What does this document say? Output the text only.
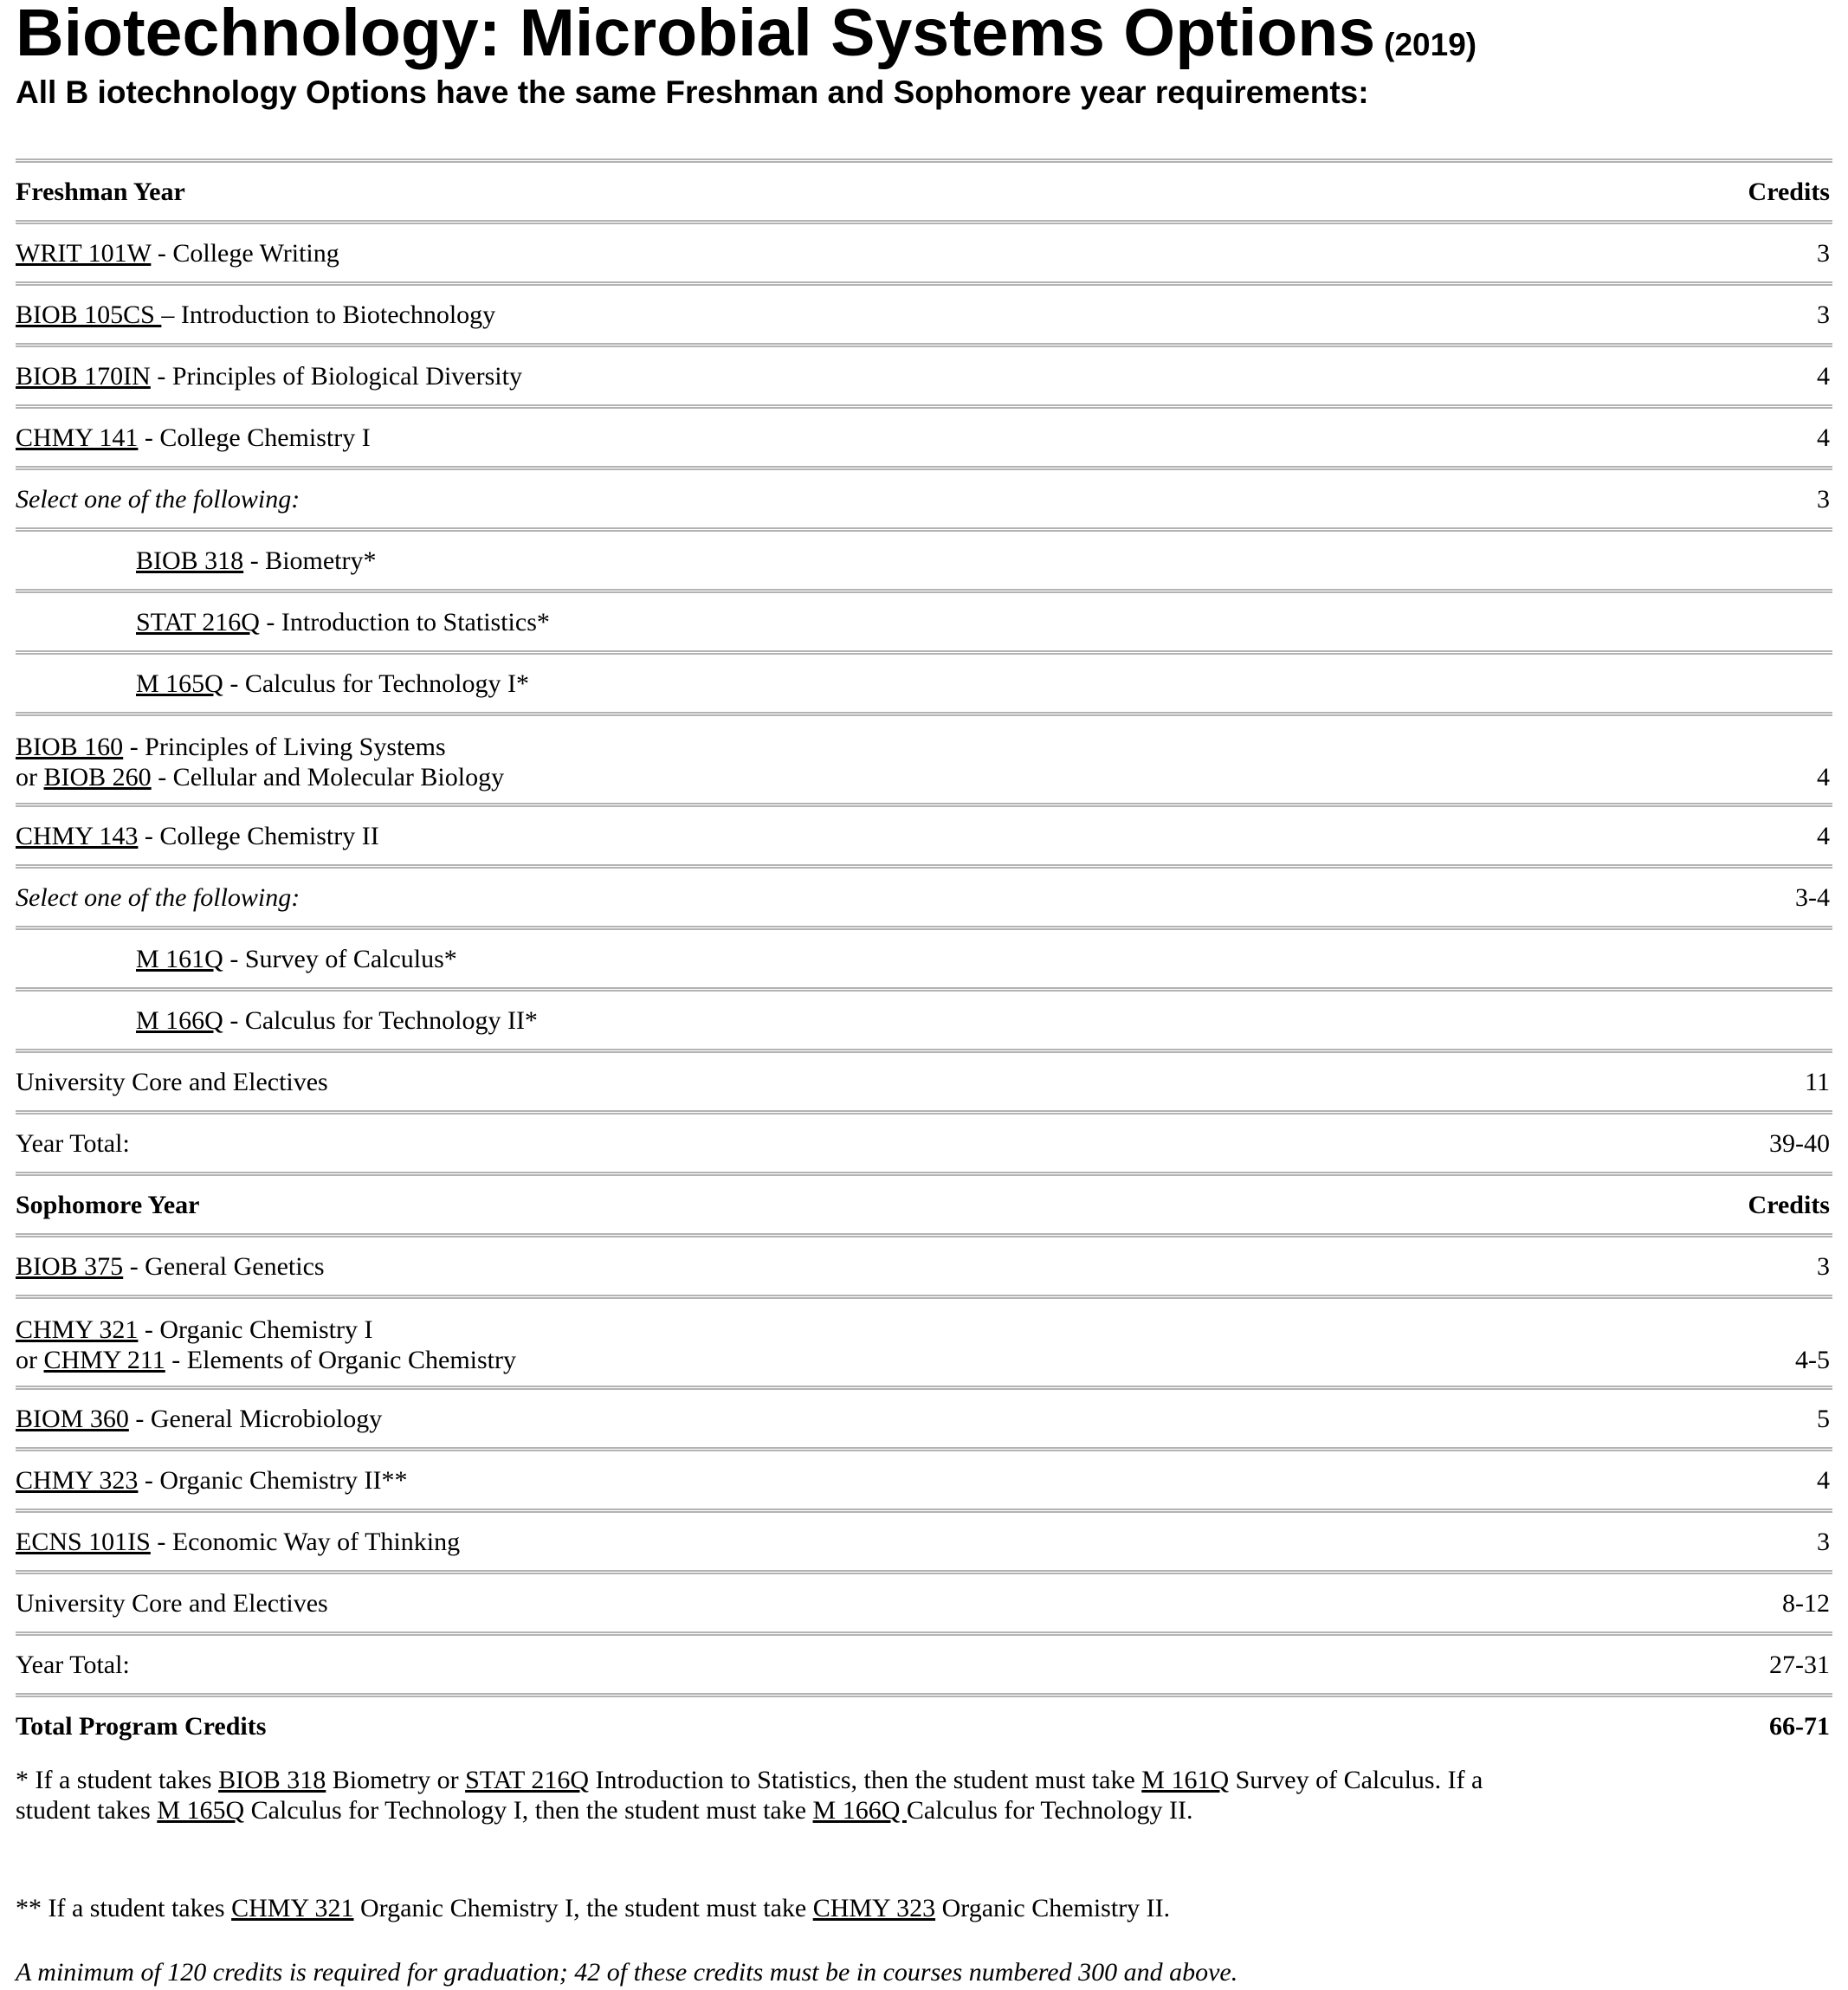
Biotechnology: Microbial Systems Options (2019)
All B iotechnology Options have the same Freshman and Sophomore year requirements:
Freshman Year	Credits
WRIT 101W - College Writing	3
BIOB 105CS – Introduction to Biotechnology	3
BIOB 170IN - Principles of Biological Diversity	4
CHMY 141 - College Chemistry I	4
Select one of the following:	3
BIOB 318 - Biometry*
STAT 216Q - Introduction to Statistics*
M 165Q - Calculus for Technology I*
BIOB 160 - Principles of Living Systems
or BIOB 260 - Cellular and Molecular Biology	4
CHMY 143 - College Chemistry II	4
Select one of the following:	3-4
M 161Q - Survey of Calculus*
M 166Q - Calculus for Technology II*
University Core and Electives	11
Year Total:	39-40
Sophomore Year	Credits
BIOB 375 - General Genetics	3
CHMY 321 - Organic Chemistry I
or CHMY 211 - Elements of Organic Chemistry	4-5
BIOM 360 - General Microbiology	5
CHMY 323 - Organic Chemistry II**	4
ECNS 101IS - Economic Way of Thinking	3
University Core and Electives	8-12
Year Total:	27-31
Total Program Credits	66-71
* If a student takes BIOB 318 Biometry or STAT 216Q Introduction to Statistics, then the student must take M 161Q Survey of Calculus. If a student takes M 165Q Calculus for Technology I, then the student must take M 166Q Calculus for Technology II.
** If a student takes CHMY 321 Organic Chemistry I, the student must take CHMY 323 Organic Chemistry II.
A minimum of 120 credits is required for graduation; 42 of these credits must be in courses numbered 300 and above.
